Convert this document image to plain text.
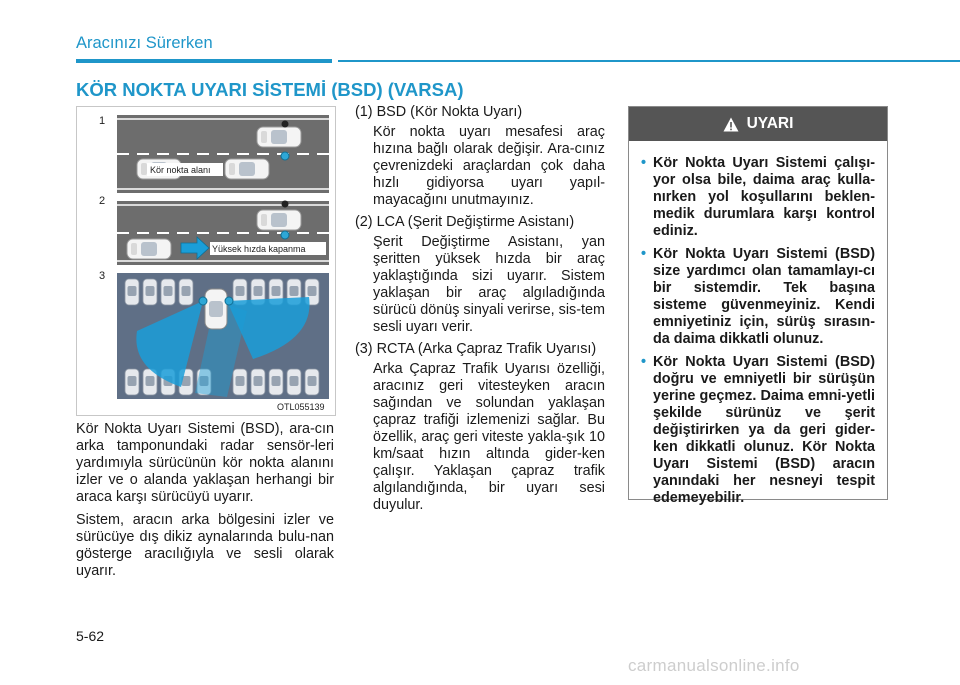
Aracınızı Sürerken
KÖR NOKTA UYARI SİSTEMİ (BSD) (VARSA)
Kör nokta alanı
Yüksek hızda kapanma
1
2
3
OTL055139

Kör Nokta Uyarı Sistemi (BSD), ara-cın arka tamponundaki radar sensör-leri yardımıyla sürücünün kör nokta alanını izler ve o alanda yaklaşan herhangi bir araca karşı sürücüyü uyarır.

Sistem, aracın arka bölgesini izler ve sürücüye dış dikiz aynalarında bulu-nan gösterge aracılığıyla ve sesli olarak uyarır.

(1) BSD (Kör Nokta Uyarı)

Kör nokta uyarı mesafesi araç hızına bağlı olarak değişir. Ara-cınız çevrenizdeki araçlardan çok daha hızlı gidiyorsa uyarı yapıl-mayacağını unutmayınız.

(2) LCA (Şerit Değiştirme Asistanı)

Şerit Değiştirme Asistanı, yan şeritten yüksek hızda bir araç yaklaştığında sizi uyarır. Sistem yaklaşan bir araç algıladığında sürücü dönüş sinyali verirse, sis-tem sesli uyarı verir.

(3) RCTA (Arka Çapraz Trafik Uyarısı)

Arka Çapraz Trafik Uyarısı özelliği, aracınız geri vitesteyken aracın sağından ve solundan yaklaşan çapraz trafiği izlemenizi sağlar. Bu özellik, araç geri viteste yakla-şık 10 km/saat hızın altında gider-ken çalışır. Yaklaşan çapraz trafik algılandığında, bir uyarı sesi duyulur.

UYARI
• Kör Nokta Uyarı Sistemi çalışı-yor olsa bile, daima araç kulla-nırken yol koşullarını beklen-medik durumlara karşı kontrol ediniz.
• Kör Nokta Uyarı Sistemi (BSD) size yardımcı olan tamamlayı-cı bir sistemdir. Tek başına sisteme güvenmeyiniz. Kendi emniyetiniz için, sürüş sırasın-da daima dikkatli olunuz.
• Kör Nokta Uyarı Sistemi (BSD) doğru ve emniyetli bir sürüşün yerine geçmez. Daima emni-yetli şekilde sürünüz ve şerit değiştirirken ya da geri gider-ken dikkatli olunuz. Kör Nokta Uyarı Sistemi (BSD) aracın yanındaki her nesneyi tespit edemeyebilir.
5-62
carmanualsonline.info
